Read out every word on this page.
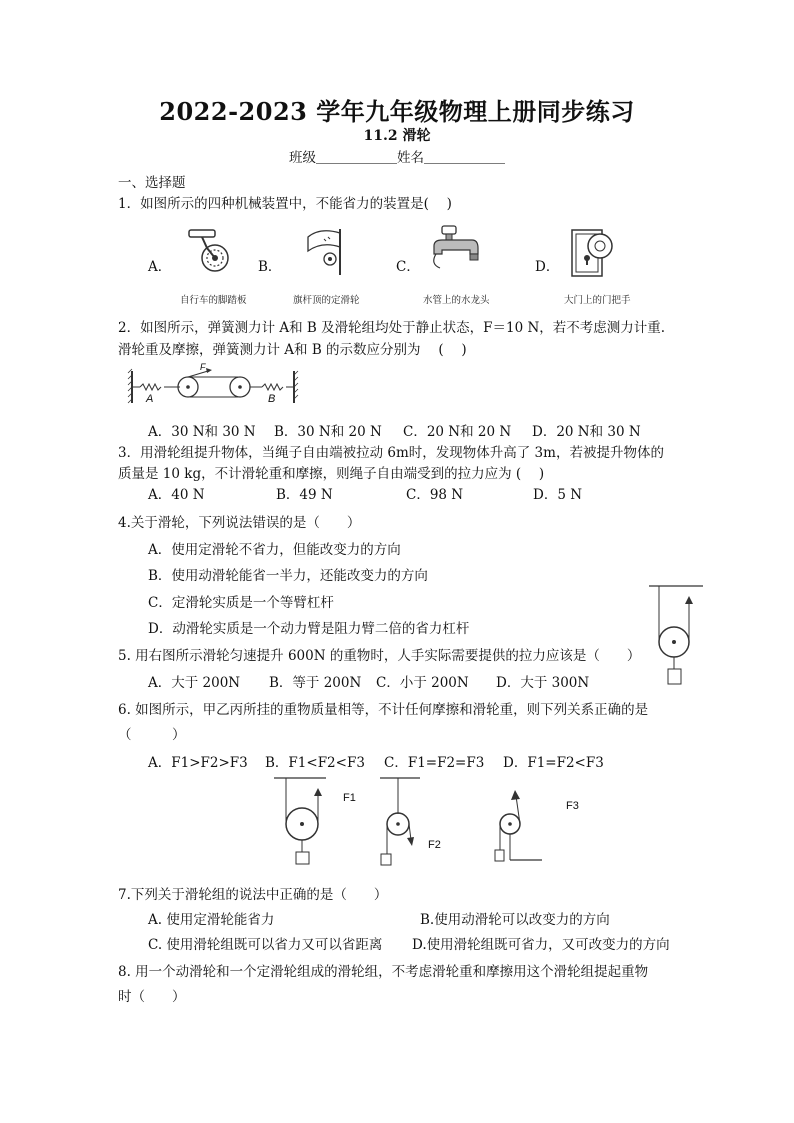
2022-2023 学年九年级物理上册同步练习
11.2 滑轮
班级＿＿＿＿＿＿姓名＿＿＿＿＿＿
一、选择题
1．如图所示的四种机械装置中，不能省力的装置是(　 )
A．
自行车的脚踏板
B．
旗杆顶的定滑轮
C．
水管上的水龙头
D．
大门上的门把手
2．如图所示，弹簧测力计 A和 B 及滑轮组均处于静止状态，F＝10 N，若不考虑测力计重.
滑轮重及摩擦，弹簧测力计 A和 B 的示数应分别为　 (　 )
A	B
F
A．30 N和 30 N B．30 N和 20 N C．20 N和 20 N D．20 N和 30 N
3．用滑轮组提升物体，当绳子自由端被拉动 6m时，发现物体升高了 3m，若被提升物体的
质量是 10 kg，不计滑轮重和摩擦，则绳子自由端受到的拉力应为 (　 )
A．40 N	B．49 N	C．98 N	D．5 N
4.关于滑轮，下列说法错误的是（　　）
A．使用定滑轮不省力，但能改变力的方向
B．使用动滑轮能省一半力，还能改变力的方向
C．定滑轮实质是一个等臂杠杆
D．动滑轮实质是一个动力臂是阻力臂二倍的省力杠杆
5. 用右图所示滑轮匀速提升 600N 的重物时，人手实际需要提供的拉力应该是（　　）
A．大于 200N B．等于 200N C．小于 200N D．大于 300N
6. 如图所示，甲乙丙所挂的重物质量相等，不计任何摩擦和滑轮重，则下列关系正确的是
（　　　）
A．F1>F2>F3 B．F1<F2<F3 C．F1=F2=F3 D．F1=F2<F3
F1
F2
F3
7.下列关于滑轮组的说法中正确的是（　　）
A. 使用定滑轮能省力	B.使用动滑轮可以改变力的方向
C. 使用滑轮组既可以省力又可以省距离 D.使用滑轮组既可省力，又可改变力的方向
8. 用一个动滑轮和一个定滑轮组成的滑轮组，不考虑滑轮重和摩擦用这个滑轮组提起重物
时（　　）
